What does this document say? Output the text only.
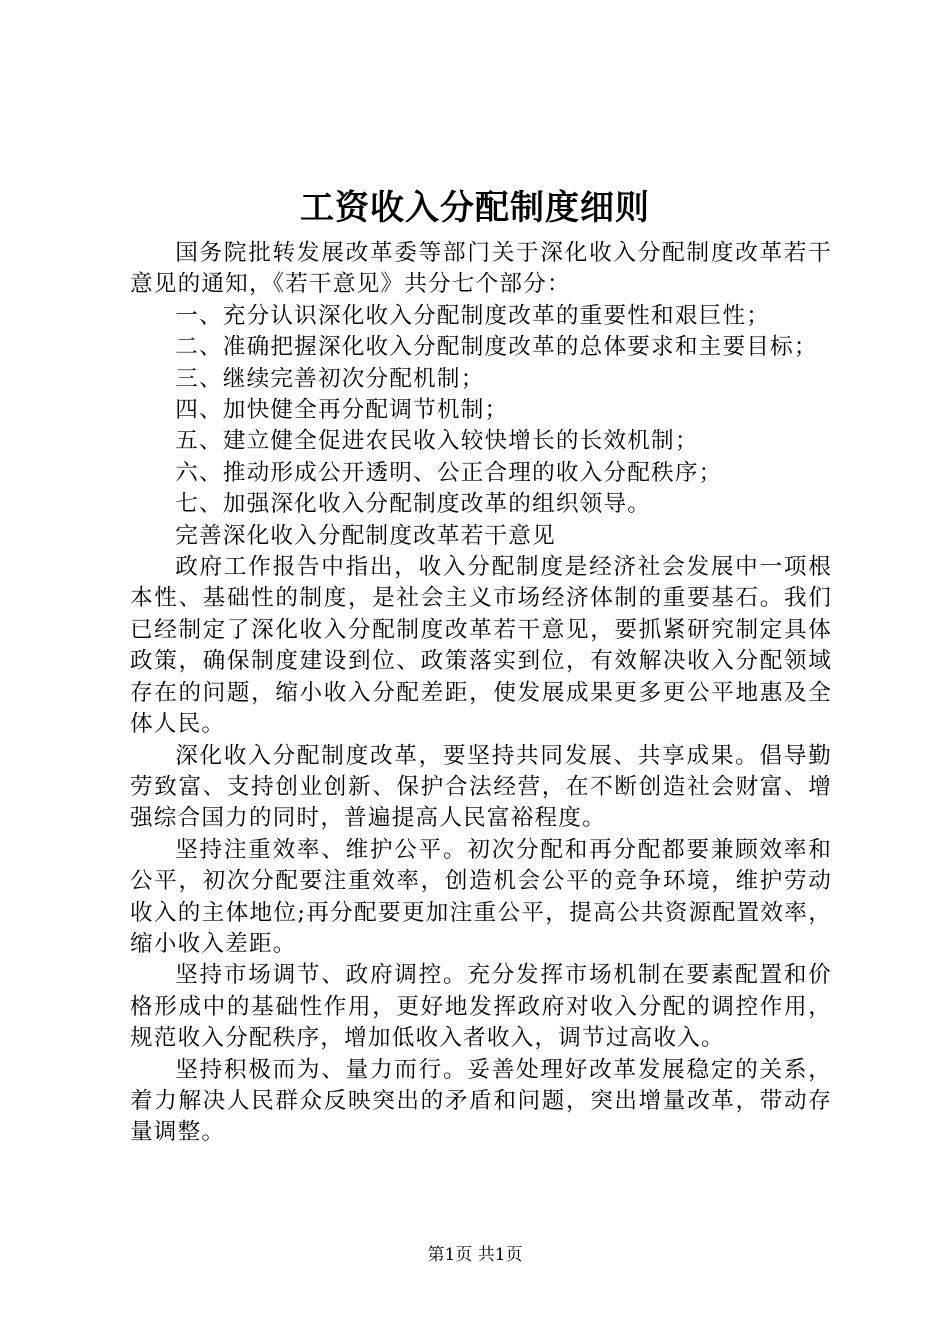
工资收入分配制度细则

国务院批转发展改革委等部门关于深化收入分配制度改革若干意见的通知，《若干意见》共分七个部分：

一、充分认识深化收入分配制度改革的重要性和艰巨性；

二、准确把握深化收入分配制度改革的总体要求和主要目标；

三、继续完善初次分配机制；

四、加快健全再分配调节机制；

五、建立健全促进农民收入较快增长的长效机制；

六、推动形成公开透明、公正合理的收入分配秩序；

七、加强深化收入分配制度改革的组织领导。

完善深化收入分配制度改革若干意见

政府工作报告中指出，收入分配制度是经济社会发展中一项根本性、基础性的制度，是社会主义市场经济体制的重要基石。我们已经制定了深化收入分配制度改革若干意见，要抓紧研究制定具体政策，确保制度建设到位、政策落实到位，有效解决收入分配领域存在的问题，缩小收入分配差距，使发展成果更多更公平地惠及全体人民。

深化收入分配制度改革，要坚持共同发展、共享成果。倡导勤劳致富、支持创业创新、保护合法经营，在不断创造社会财富、增强综合国力的同时，普遍提高人民富裕程度。

坚持注重效率、维护公平。初次分配和再分配都要兼顾效率和公平，初次分配要注重效率，创造机会公平的竞争环境，维护劳动收入的主体地位;再分配要更加注重公平，提高公共资源配置效率，缩小收入差距。

坚持市场调节、政府调控。充分发挥市场机制在要素配置和价格形成中的基础性作用，更好地发挥政府对收入分配的调控作用，规范收入分配秩序，增加低收入者收入，调节过高收入。

坚持积极而为、量力而行。妥善处理好改革发展稳定的关系，着力解决人民群众反映突出的矛盾和问题，突出增量改革，带动存量调整。

第1页 共1页
